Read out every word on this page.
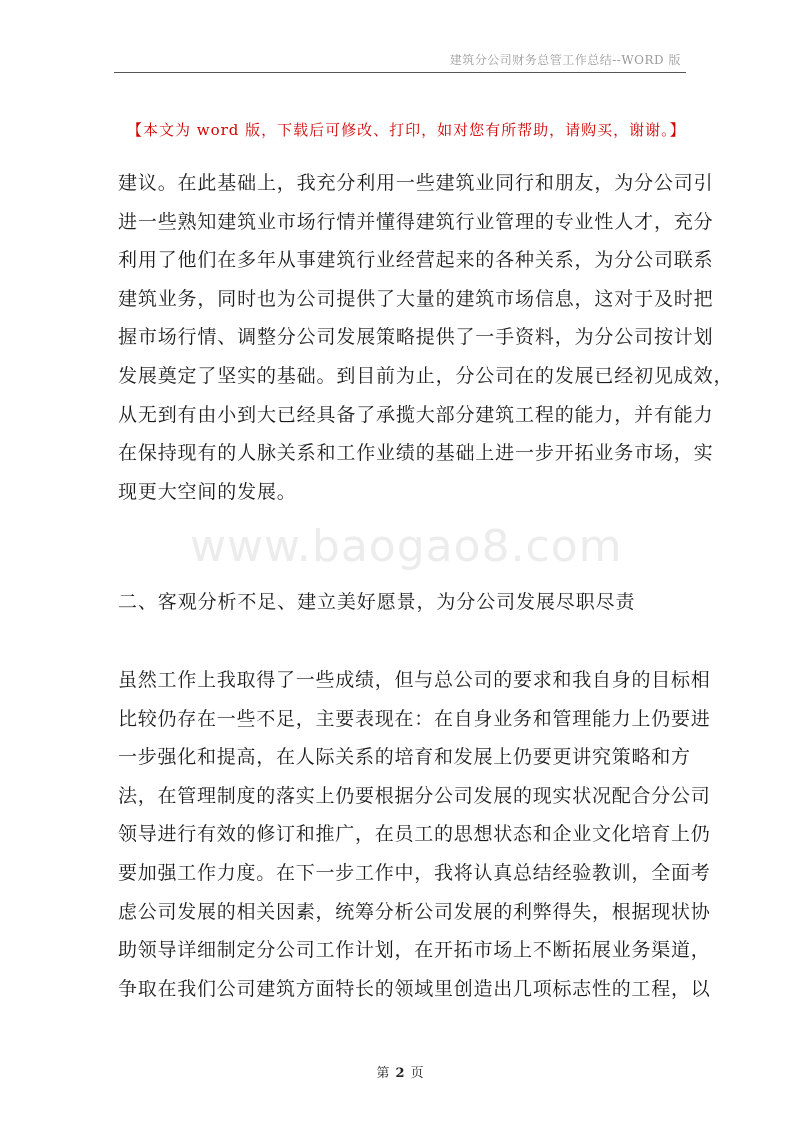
建筑分公司财务总管工作总结--WORD 版
【本文为 word 版，下载后可修改、打印，如对您有所帮助，请购买，谢谢。】
www.baogao8.com
建议。在此基础上，我充分利用一些建筑业同行和朋友，为分公司引
进一些熟知建筑业市场行情并懂得建筑行业管理的专业性人才，充分
利用了他们在多年从事建筑行业经营起来的各种关系，为分公司联系
建筑业务，同时也为公司提供了大量的建筑市场信息，这对于及时把
握市场行情、调整分公司发展策略提供了一手资料，为分公司按计划
发展奠定了坚实的基础。到目前为止，分公司在的发展已经初见成效，
从无到有由小到大已经具备了承揽大部分建筑工程的能力，并有能力
在保持现有的人脉关系和工作业绩的基础上进一步开拓业务市场，实
现更大空间的发展。
二、客观分析不足、建立美好愿景，为分公司发展尽职尽责
虽然工作上我取得了一些成绩，但与总公司的要求和我自身的目标相
比较仍存在一些不足，主要表现在：在自身业务和管理能力上仍要进
一步强化和提高，在人际关系的培育和发展上仍要更讲究策略和方
法，在管理制度的落实上仍要根据分公司发展的现实状况配合分公司
领导进行有效的修订和推广，在员工的思想状态和企业文化培育上仍
要加强工作力度。在下一步工作中，我将认真总结经验教训，全面考
虑公司发展的相关因素，统筹分析公司发展的利弊得失，根据现状协
助领导详细制定分公司工作计划，在开拓市场上不断拓展业务渠道，
争取在我们公司建筑方面特长的领域里创造出几项标志性的工程，以
第 2 页
